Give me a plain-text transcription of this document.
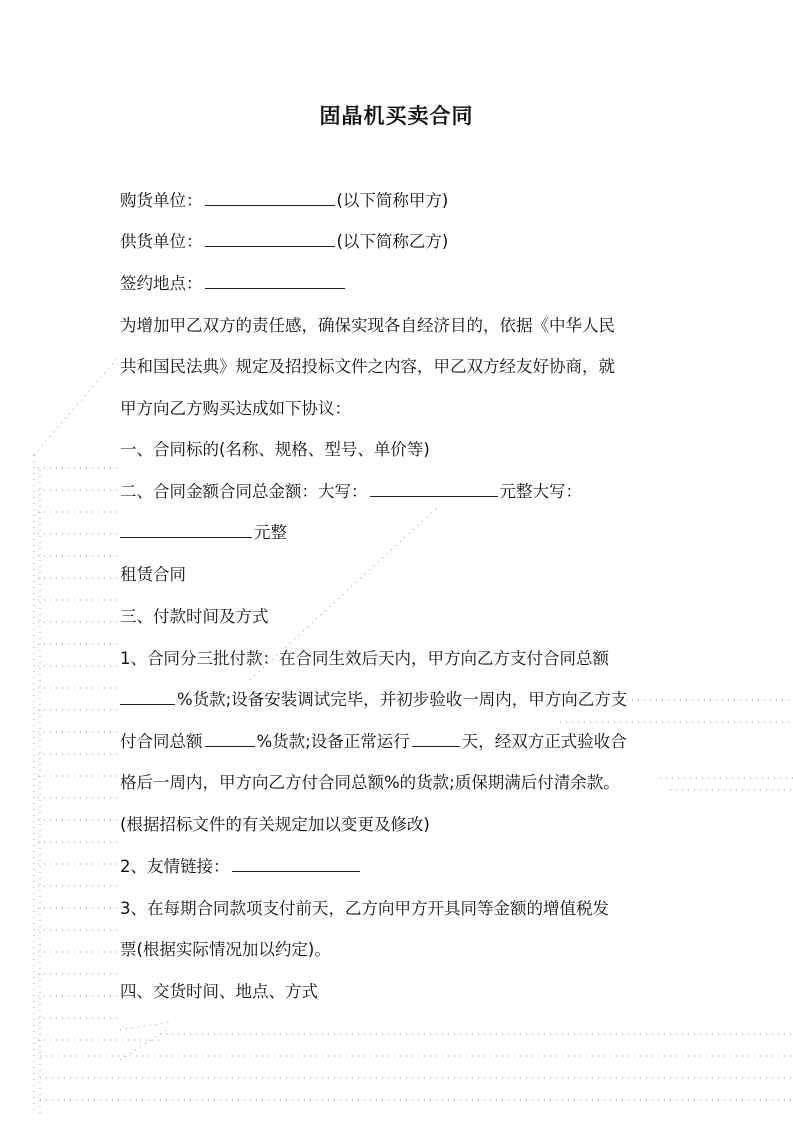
固晶机买卖合同
购货单位：	(以下简称甲方)
供货单位：	(以下简称乙方)
签约地点：
为增加甲乙双方的责任感，确保实现各自经济目的，依据《中华人民
共和国民法典》规定及招投标文件之内容，甲乙双方经友好协商，就
甲方向乙方购买达成如下协议：
一、合同标的(名称、规格、型号、单价等)
二、合同金额合同总金额：大写：	元整大写：
元整
租赁合同
三、付款时间及方式
1、合同分三批付款：在合同生效后天内，甲方向乙方支付合同总额
%货款;设备安装调试完毕，并初步验收一周内，甲方向乙方支
付合同总额	%货款;设备正常运行	天，经双方正式验收合
格后一周内，甲方向乙方付合同总额%的货款;质保期满后付清余款。
(根据招标文件的有关规定加以变更及修改)
2、友情链接：
3、在每期合同款项支付前天，乙方向甲方开具同等金额的增值税发
票(根据实际情况加以约定)。
四、交货时间、地点、方式
